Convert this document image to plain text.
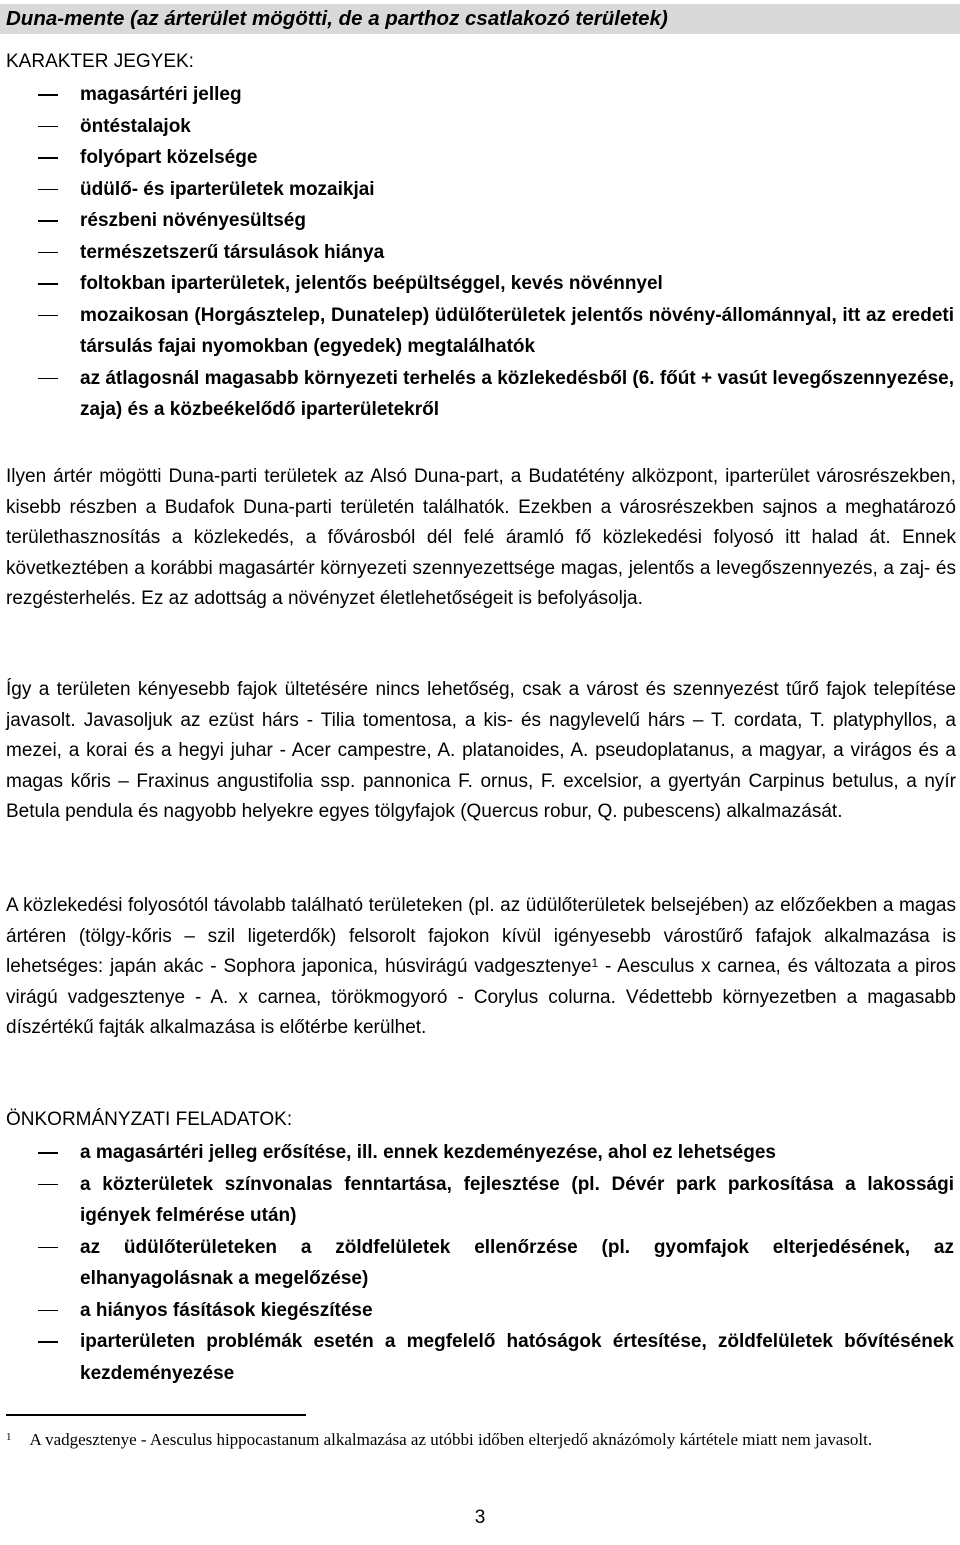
Duna-mente (az árterület mögötti, de a parthoz csatlakozó területek)
KARAKTER JEGYEK:
magasártéri jelleg
öntéstalajok
folyópart közelsége
üdülő- és iparterületek mozaikjai
részbeni növényesültség
természetszerű társulások hiánya
foltokban iparterületek, jelentős beépültséggel, kevés növénnyel
mozaikosan (Horgásztelep, Dunatelep) üdülőterületek jelentős növény-állománnyal, itt az eredeti társulás fajai nyomokban (egyedek) megtalálhatók
az átlagosnál magasabb környezeti terhelés a közlekedésből (6. főút + vasút levegőszennyezése, zaja) és a közbeékelődő iparterületekről
Ilyen ártér mögötti Duna-parti területek az Alsó Duna-part, a Budatétény alközpont, iparterület városrészekben, kisebb részben a Budafok Duna-parti területén találhatók. Ezekben a városrészekben sajnos a meghatározó területhasznosítás a közlekedés, a fővárosból dél felé áramló fő közlekedési folyosó itt halad át. Ennek következtében a korábbi magasártér környezeti szennyezettsége magas, jelentős a levegőszennyezés, a zaj- és rezgésterhelés. Ez az adottság a növényzet életlehetőségeit is befolyásolja.
Így a területen kényesebb fajok ültetésére nincs lehetőség, csak a várost és szennyezést tűrő fajok telepítése javasolt. Javasoljuk az ezüst hárs - Tilia tomentosa, a kis- és nagylevelű hárs – T. cordata, T. platyphyllos, a mezei, a korai és a hegyi juhar - Acer campestre, A. platanoides, A. pseudoplatanus, a magyar, a virágos és a magas kőris – Fraxinus angustifolia ssp. pannonica F. ornus, F. excelsior, a gyertyán Carpinus betulus, a nyír Betula pendula és nagyobb helyekre egyes tölgyfajok (Quercus robur, Q. pubescens) alkalmazását.
A közlekedési folyosótól távolabb található területeken (pl. az üdülőterületek belsejében) az előzőekben a magas ártéren (tölgy-kőris – szil ligeterdők) felsorolt fajokon kívül igényesebb várostűrő fafajok alkalmazása is lehetséges: japán akác - Sophora japonica, húsvirágú vadgesztenye$^1$ - Aesculus x carnea, és változata a piros virágú vadgesztenye - A. x carnea, törökmogyoró - Corylus colurna. Védettebb környezetben a magasabb díszértékű fajták alkalmazása is előtérbe kerülhet.
ÖNKORMÁNYZATI FELADATOK:
a magasártéri jelleg erősítése, ill. ennek kezdeményezése, ahol ez lehetséges
a közterületek színvonalas fenntartása, fejlesztése (pl. Dévér park parkosítása a lakossági igények felmérése után)
az üdülőterületeken a zöldfelületek ellenőrzése (pl. gyomfajok elterjedésének, az elhanyagolásnak a megelőzése)
a hiányos fásítások kiegészítése
iparterületen problémák esetén a megfelelő hatóságok értesítése, zöldfelületek bővítésének kezdeményezése
$^1$ A vadgesztenye - Aesculus hippocastanum alkalmazása az utóbbi időben elterjedő aknázómoly kártétele miatt nem javasolt.
3
